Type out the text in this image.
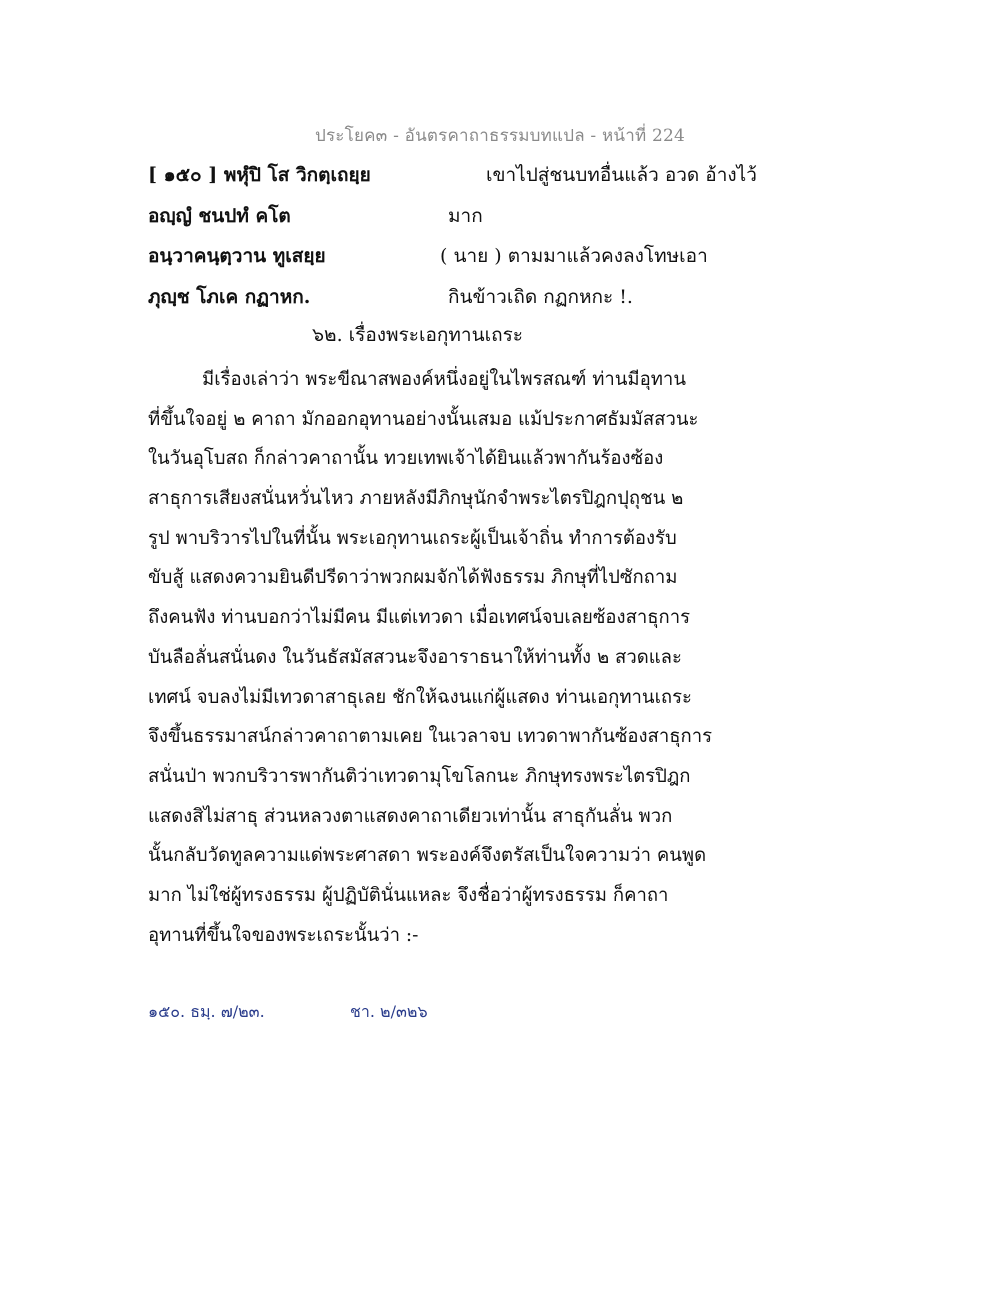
ประโยค๓ - อันตรคาถาธรรมบทแปล - หน้าที่ 224
[ ๑๕๐ ] พหุํปิ โส วิกตฺเถยฺย	เขาไปสู่ชนบทอื่นแล้ว อวด อ้างไว้
อญฺญํ ชนปทํ คโต	มาก
อนฺวาคนฺตฺวาน ทูเสยฺย	( นาย ) ตามมาแล้วคงลงโทษเอา
ภุญฺช โภเค กฏาหก.	กินข้าวเถิด กฏกหกะ !.
๖๒. เรื่องพระเอกุทานเถระ
มีเรื่องเล่าว่า พระขีณาสพองค์หนึ่งอยู่ในไพรสณฑ์ ท่านมีอุทาน
ที่ขึ้นใจอยู่ ๒ คาถา มักออกอุทานอย่างนั้นเสมอ แม้ประกาศธัมมัสสวนะ
ในวันอุโบสถ ก็กล่าวคาถานั้น ทวยเทพเจ้าได้ยินแล้วพากันร้องซ้อง
สาธุการเสียงสนั่นหวั่นไหว ภายหลังมีภิกษุนักจำพระไตรปิฎกปุถุชน ๒
รูป พาบริวารไปในที่นั้น พระเอกุทานเถระผู้เป็นเจ้าถิ่น ทำการต้องรับ
ขับสู้ แสดงความยินดีปรีดาว่าพวกผมจักได้ฟังธรรม ภิกษุที่ไปซักถาม
ถึงคนฟัง ท่านบอกว่าไม่มีคน มีแต่เทวดา เมื่อเทศน์จบเลยซ้องสาธุการ
บันลือลั่นสนั่นดง ในวันธัสมัสสวนะจึงอาราธนาให้ท่านทั้ง ๒ สวดและ
เทศน์ จบลงไม่มีเทวดาสาธุเลย ชักให้ฉงนแก่ผู้แสดง ท่านเอกุทานเถระ
จึงขึ้นธรรมาสน์กล่าวคาถาตามเคย ในเวลาจบ เทวดาพากันซ้องสาธุการ
สนั่นป่า พวกบริวารพากันติว่าเทวดามุโขโลกนะ ภิกษุทรงพระไตรปิฎก
แสดงสิไม่สาธุ ส่วนหลวงตาแสดงคาถาเดียวเท่านั้น สาธุกันลั่น พวก
นั้นกลับวัดทูลความแด่พระศาสดา พระองค์จึงตรัสเป็นใจความว่า คนพูด
มาก ไม่ใช่ผู้ทรงธรรม ผู้ปฏิบัตินั่นแหละ จึงชื่อว่าผู้ทรงธรรม ก็คาถา
อุทานที่ขึ้นใจของพระเถระนั้นว่า :-
๑๕๐. ธมฺ. ๗/๒๓.	ชา. ๒/๓๒๖
